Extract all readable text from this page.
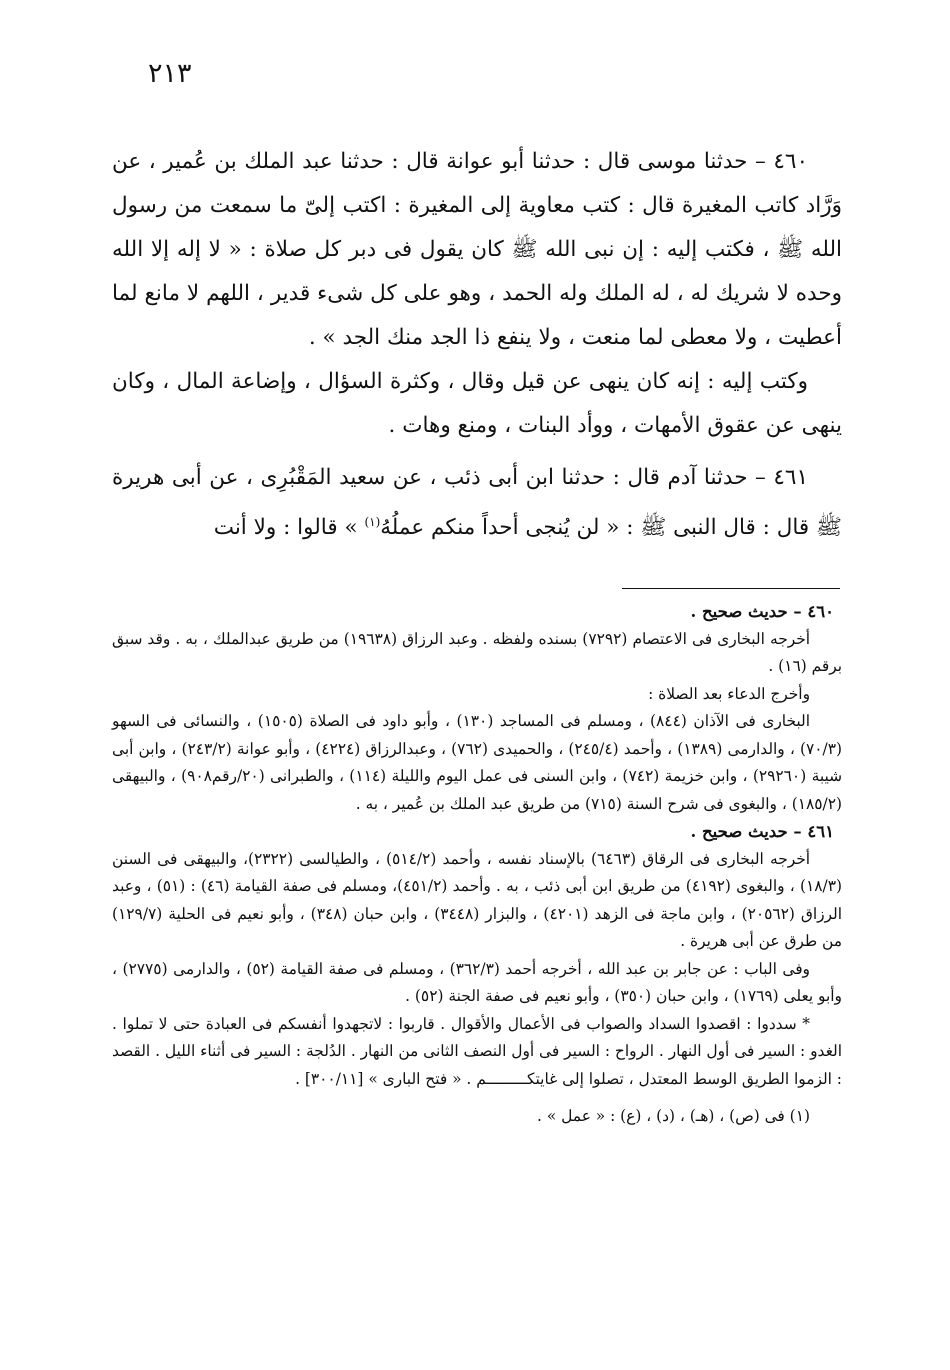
٢١٣

٤٦٠ – حدثنا موسى قال : حدثنا أبو عوانة قال : حدثنا عبد الملك بن عُمير ، عن وَرَّاد كاتب المغيرة قال : كتب معاوية إلى المغيرة : اكتب إلىّ ما سمعت من رسول الله ﷺ ، فكتب إليه : إن نبى الله ﷺ كان يقول فى دبر كل صلاة : « لا إله إلا الله وحده لا شريك له ، له الملك وله الحمد ، وهو على كل شىء قدير ، اللهم لا مانع لما أعطيت ، ولا معطى لما منعت ، ولا ينفع ذا الجد منك الجد » .

وكتب إليه : إنه كان ينهى عن قيل وقال ، وكثرة السؤال ، وإضاعة المال ، وكان ينهى عن عقوق الأمهات ، ووأد البنات ، ومنع وهات .

٤٦١ – حدثنا آدم قال : حدثنا ابن أبى ذئب ، عن سعيد المَقْبُرِى ، عن أبى هريرة ﷺ قال : قال النبى ﷺ : « لن يُنجى أحداً منكم عملُهُ$^{(١)}$ » قالوا : ولا أنت

٤٦٠ – حديث صحيح .

أخرجه البخارى فى الاعتصام (٧٢٩٢) بسنده ولفظه . وعبد الرزاق (١٩٦٣٨) من طريق عبدالملك ، به . وقد سبق برقم (١٦) .

وأخرج الدعاء بعد الصلاة :

البخارى فى الآذان (٨٤٤) ، ومسلم فى المساجد (١٣٠) ، وأبو داود فى الصلاة (١٥٠٥) ، والنسائى فى السهو (٧٠/٣) ، والدارمى (١٣٨٩) ، وأحمد (٢٤٥/٤) ، والحميدى (٧٦٢) ، وعبدالرزاق (٤٢٢٤) ، وأبو عوانة (٢٤٣/٢) ، وابن أبى شيبة (٢٩٢٦٠) ، وابن خزيمة (٧٤٢) ، وابن السنى فى عمل اليوم والليلة (١١٤) ، والطبرانى (٢٠/رقم٩٠٨) ، والبيهقى (١٨٥/٢) ، والبغوى فى شرح السنة (٧١٥) من طريق عبد الملك بن عُمير ، به .

٤٦١ – حديث صحيح .

أخرجه البخارى فى الرقاق (٦٤٦٣) بالإسناد نفسه ، وأحمد (٥١٤/٢) ، والطيالسى (٢٣٢٢)، والبيهقى فى السنن (١٨/٣) ، والبغوى (٤١٩٢) من طريق ابن أبى ذئب ، به . وأحمد (٤٥١/٢)، ومسلم فى صفة القيامة (٤٦) : (٥١) ، وعبد الرزاق (٢٠٥٦٢) ، وابن ماجة فى الزهد (٤٢٠١) ، والبزار (٣٤٤٨) ، وابن حبان (٣٤٨) ، وأبو نعيم فى الحلية (١٢٩/٧) من طرق عن أبى هريرة .

وفى الباب : عن جابر بن عبد الله ، أخرجه أحمد (٣٦٢/٣) ، ومسلم فى صفة القيامة (٥٢) ، والدارمى (٢٧٧٥) ، وأبو يعلى (١٧٦٩) ، وابن حبان (٣٥٠) ، وأبو نعيم فى صفة الجنة (٥٢) .

* سددوا : اقصدوا السداد والصواب فى الأعمال والأقوال . قاربوا : لاتجهدوا أنفسكم فى العبادة حتى لا تملوا . الغدو : السير فى أول النهار . الرواح : السير فى أول النصف الثانى من النهار . الدُلجة : السير فى أثناء الليل . القصد : الزموا الطريق الوسط المعتدل ، تصلوا إلى غايتكـــــــــم . « فتح البارى » [٣٠٠/١١] .

(١) فى (ص) ، (هـ) ، (د) ، (ع) : « عمل » .
